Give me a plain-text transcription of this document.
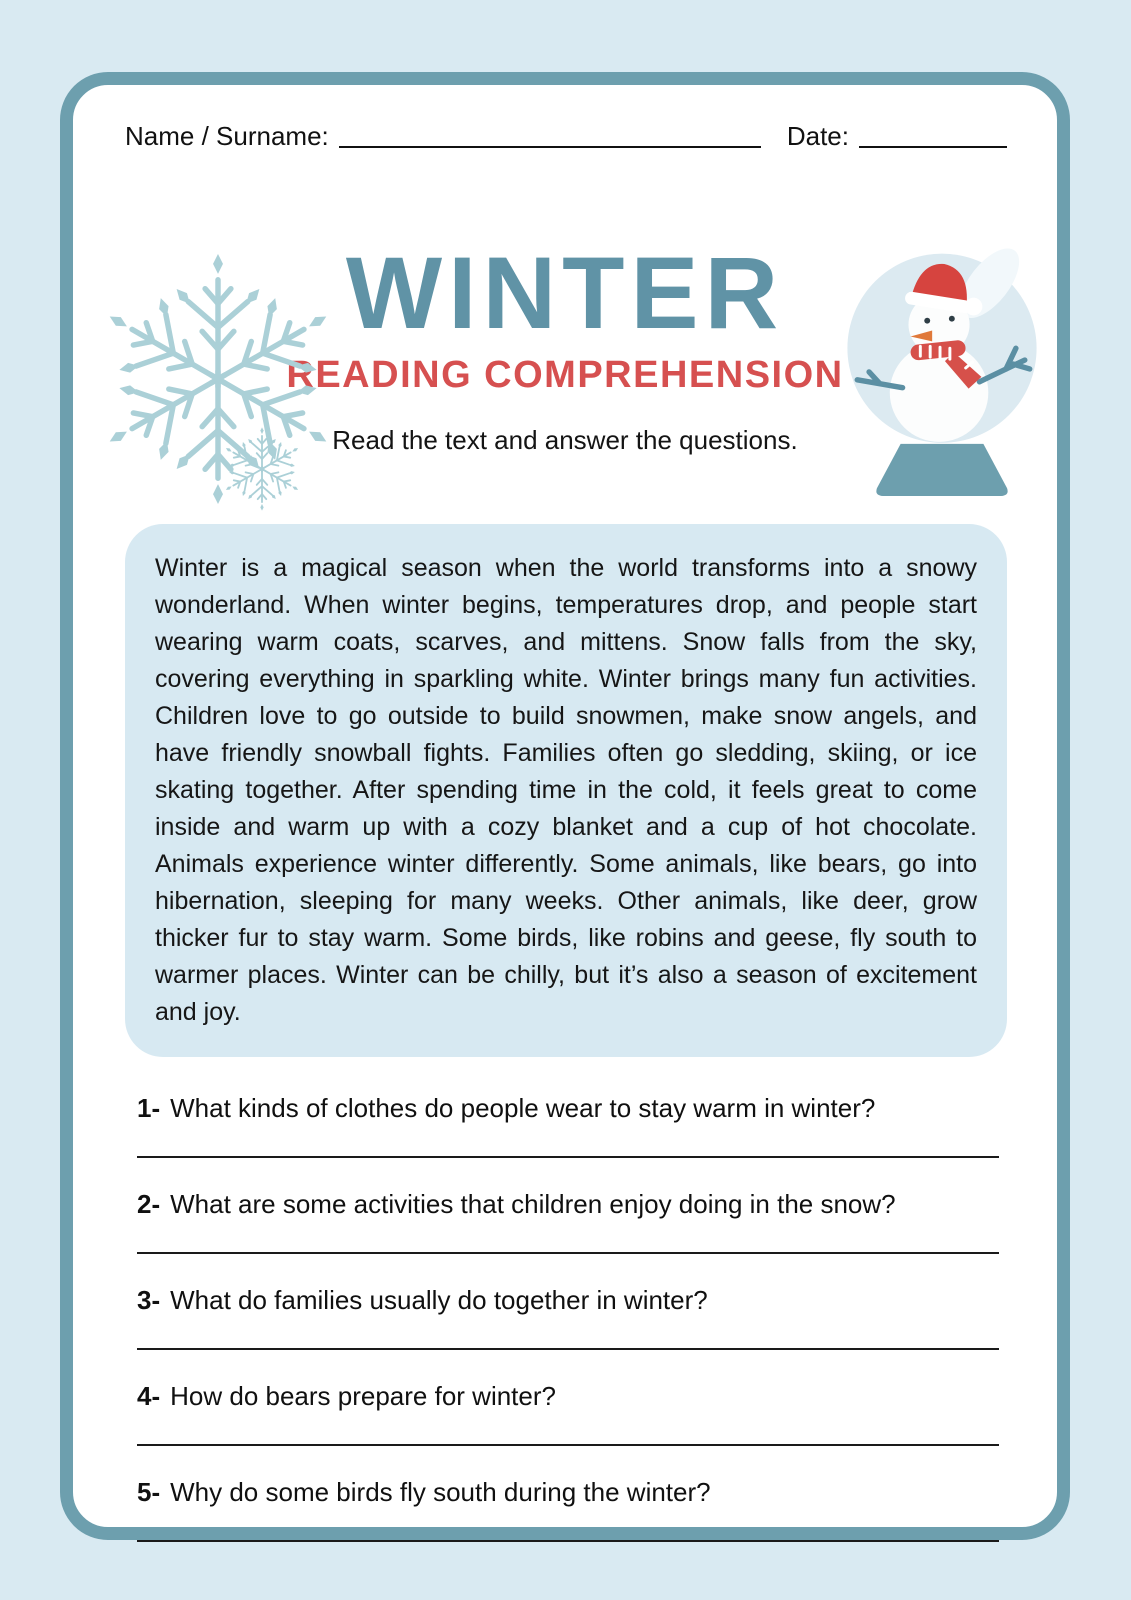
Name / Surname:	Date:
WINTER
READING COMPREHENSION

Read the text and answer the questions.

Winter is a magical season when the world transforms into a snowy wonderland. When winter begins, temperatures drop, and people start wearing warm coats, scarves, and mittens. Snow falls from the sky, covering everything in sparkling white. Winter brings many fun activities. Children love to go outside to build snowmen, make snow angels, and have friendly snowball fights. Families often go sledding, skiing, or ice skating together. After spending time in the cold, it feels great to come inside and warm up with a cozy blanket and a cup of hot chocolate. Animals experience winter differently. Some animals, like bears, go into hibernation, sleeping for many weeks. Other animals, like deer, grow thicker fur to stay warm. Some birds, like robins and geese, fly south to warmer places. Winter can be chilly, but it’s also a season of excitement and joy.

1- What kinds of clothes do people wear to stay warm in winter?

2- What are some activities that children enjoy doing in the snow?

3- What do families usually do together in winter?

4- How do bears prepare for winter?

5- Why do some birds fly south during the winter?
